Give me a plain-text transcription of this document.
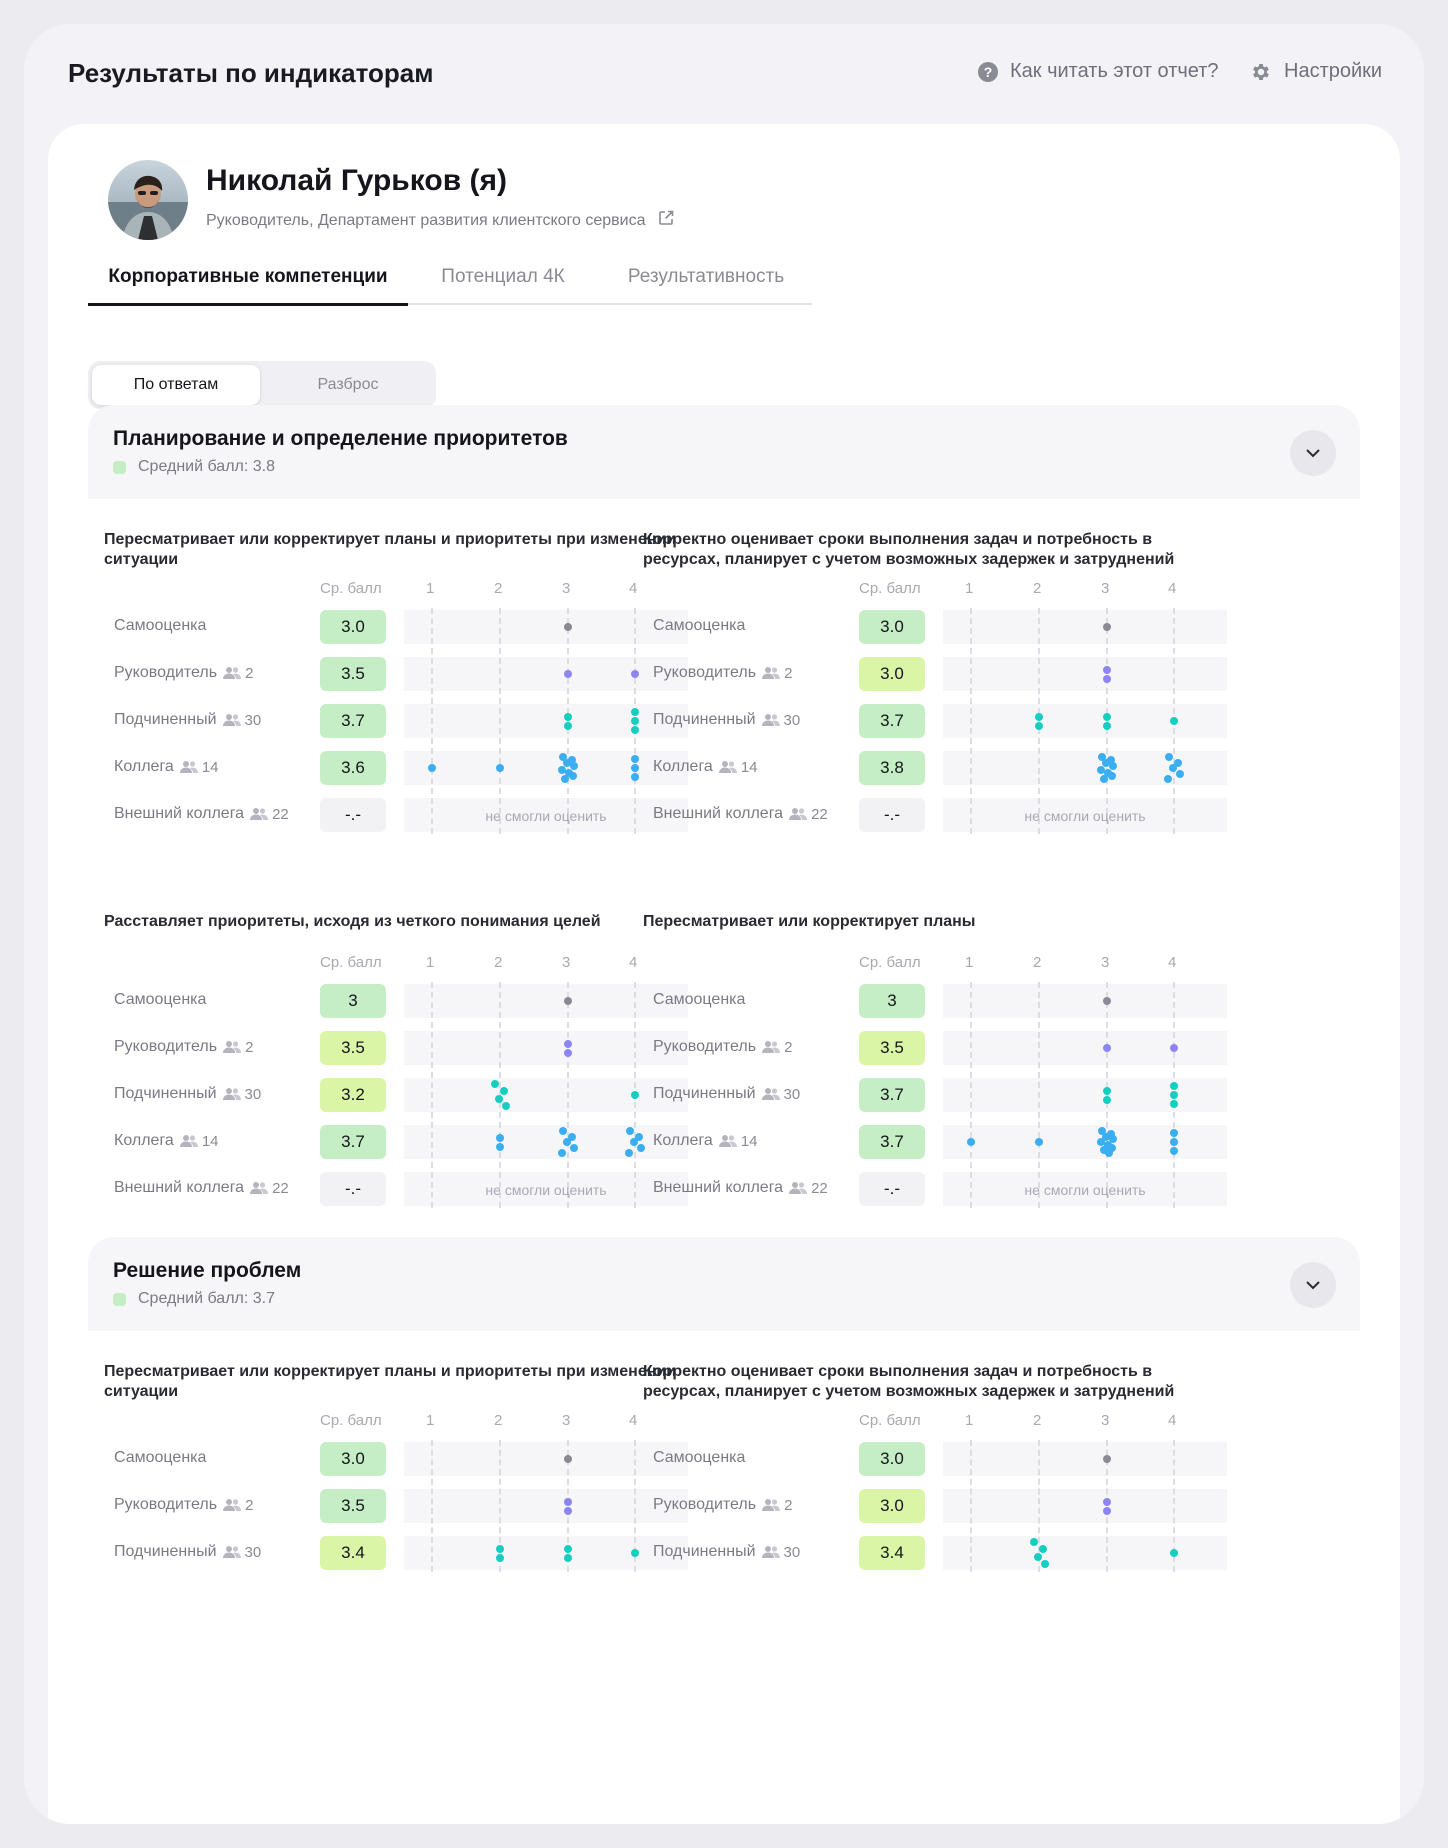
Результаты по индикаторам	? Как читать этот отчет?	Настройки
Николай Гурьков (я)
Руководитель, Департамент развития клиентского сервиса
Корпоративные компетенции	Потенциал 4К	Результативность
По ответам	Разброс
Планирование и определение приоритетов
Средний балл: 3.8
Пересматривает или корректирует планы и приоритеты при изменении ситуации
Ср. балл	1	2	3	4
Самооценка	3.0
Руководитель 2	3.5
Подчиненный 30	3.7
Коллега 14	3.6
Внешний коллега 22	-.-	не смогли оценить
Корректно оценивает сроки выполнения задач и потребность в ресурсах, планирует с учетом возможных задержек и затруднений
Ср. балл	1	2	3	4
Самооценка	3.0
Руководитель 2	3.0
Подчиненный 30	3.7
Коллега 14	3.8
Внешний коллега 22	-.-	не смогли оценить
Расставляет приоритеты, исходя из четкого понимания целей
Ср. балл	1	2	3	4
Самооценка	3
Руководитель 2	3.5
Подчиненный 30	3.2
Коллега 14	3.7
Внешний коллега 22	-.-	не смогли оценить
Пересматривает или корректирует планы
Ср. балл	1	2	3	4
Самооценка	3
Руководитель 2	3.5
Подчиненный 30	3.7
Коллега 14	3.7
Внешний коллега 22	-.-	не смогли оценить
Решение проблем
Средний балл: 3.7
Пересматривает или корректирует планы и приоритеты при изменении ситуации
Ср. балл	1	2	3	4
Самооценка	3.0
Руководитель 2	3.5
Подчиненный 30	3.4
Корректно оценивает сроки выполнения задач и потребность в ресурсах, планирует с учетом возможных задержек и затруднений
Ср. балл	1	2	3	4
Самооценка	3.0
Руководитель 2	3.0
Подчиненный 30	3.4
